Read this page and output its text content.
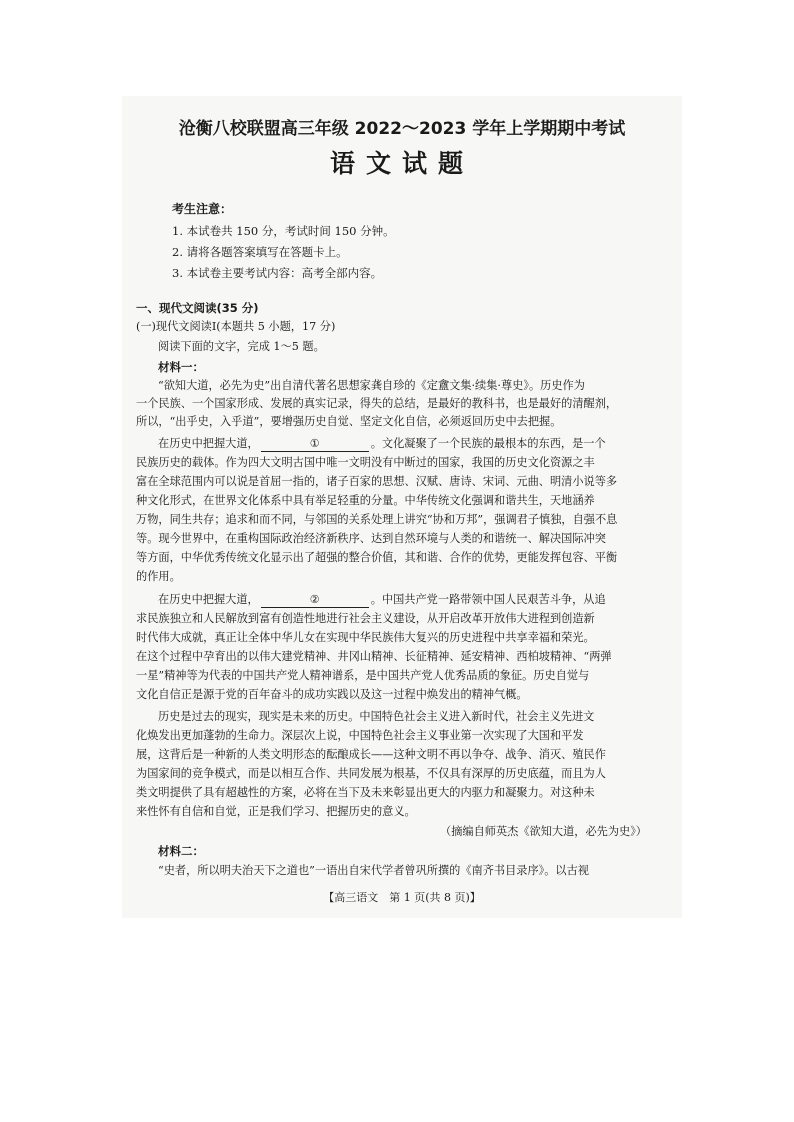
沧衡八校联盟高三年级 2022～2023 学年上学期期中考试
语文试题
考生注意：
1. 本试卷共 150 分，考试时间 150 分钟。
2. 请将各题答案填写在答题卡上。
3. 本试卷主要考试内容：高考全部内容。
一、现代文阅读(35 分)
(一)现代文阅读Ⅰ(本题共 5 小题，17 分)
阅读下面的文字，完成 1～5 题。
材料一：
“欲知大道，必先为史”出自清代著名思想家龚自珍的《定盦文集·续集·尊史》。历史作为
一个民族、一个国家形成、发展的真实记录，得失的总结，是最好的教科书，也是最好的清醒剂，
所以，“出乎史，入乎道”，要增强历史自觉、坚定文化自信，必须返回历史中去把握。
在历史中把握大道，	①	。文化凝聚了一个民族的最根本的东西，是一个
民族历史的载体。作为四大文明古国中唯一文明没有中断过的国家，我国的历史文化资源之丰
富在全球范围内可以说是首屈一指的，诸子百家的思想、汉赋、唐诗、宋词、元曲、明清小说等多
种文化形式，在世界文化体系中具有举足轻重的分量。中华传统文化强调和谐共生，天地涵养
万物，同生共存；追求和而不同，与邻国的关系处理上讲究“协和万邦”，强调君子慎独，自强不息
等。现今世界中，在重构国际政治经济新秩序、达到自然环境与人类的和谐统一、解决国际冲突
等方面，中华优秀传统文化显示出了超强的整合价值，其和谐、合作的优势，更能发挥包容、平衡
的作用。
在历史中把握大道，	②	。中国共产党一路带领中国人民艰苦斗争，从追
求民族独立和人民解放到富有创造性地进行社会主义建设，从开启改革开放伟大进程到创造新
时代伟大成就，真正让全体中华儿女在实现中华民族伟大复兴的历史进程中共享幸福和荣光。
在这个过程中孕育出的以伟大建党精神、井冈山精神、长征精神、延安精神、西柏坡精神、“两弹
一星”精神等为代表的中国共产党人精神谱系，是中国共产党人优秀品质的象征。历史自觉与
文化自信正是源于党的百年奋斗的成功实践以及这一过程中焕发出的精神气概。
历史是过去的现实，现实是未来的历史。中国特色社会主义进入新时代，社会主义先进文
化焕发出更加蓬勃的生命力。深层次上说，中国特色社会主义事业第一次实现了大国和平发
展，这背后是一种新的人类文明形态的酝酿成长——这种文明不再以争夺、战争、消灭、殖民作
为国家间的竞争模式，而是以相互合作、共同发展为根基，不仅具有深厚的历史底蕴，而且为人
类文明提供了具有超越性的方案，必将在当下及未来彰显出更大的内驱力和凝聚力。对这种未
来性怀有自信和自觉，正是我们学习、把握历史的意义。
（摘编自师英杰《欲知大道，必先为史》）
材料二：
“史者，所以明夫治天下之道也”一语出自宋代学者曾巩所撰的《南齐书目录序》。以古视
【高三语文　第 1 页(共 8 页)】
